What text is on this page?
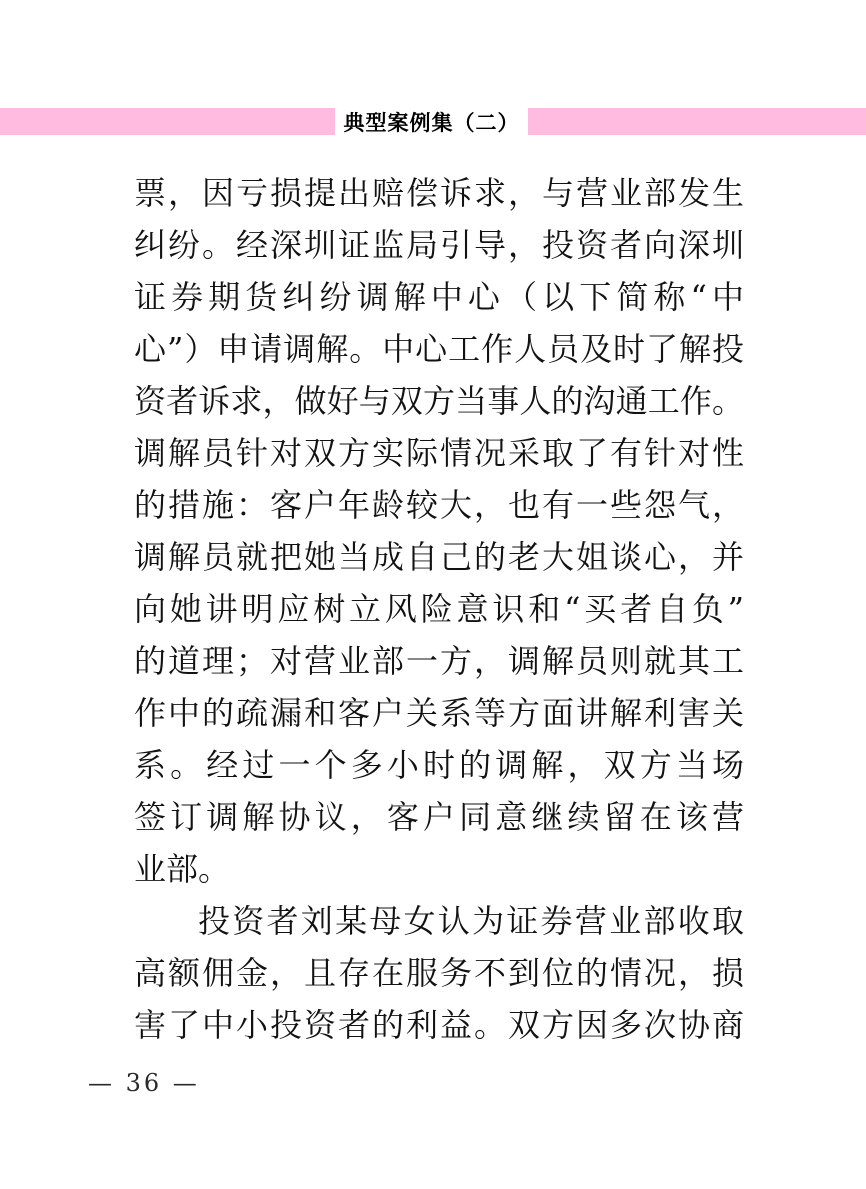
典型案例集（二）
票，因亏损提出赔偿诉求，与营业部发生
纠纷。经深圳证监局引导，投资者向深圳
证券期货纠纷调解中心（以下简称“中
心”）申请调解。中心工作人员及时了解投
资者诉求，做好与双方当事人的沟通工作。
调解员针对双方实际情况采取了有针对性
的措施：客户年龄较大，也有一些怨气，
调解员就把她当成自己的老大姐谈心，并
向她讲明应树立风险意识和“买者自负”
的道理；对营业部一方，调解员则就其工
作中的疏漏和客户关系等方面讲解利害关
系。经过一个多小时的调解，双方当场
签订调解协议，客户同意继续留在该营
业部。
投资者刘某母女认为证券营业部收取
高额佣金，且存在服务不到位的情况，损
害了中小投资者的利益。双方因多次协商
— 36 —
